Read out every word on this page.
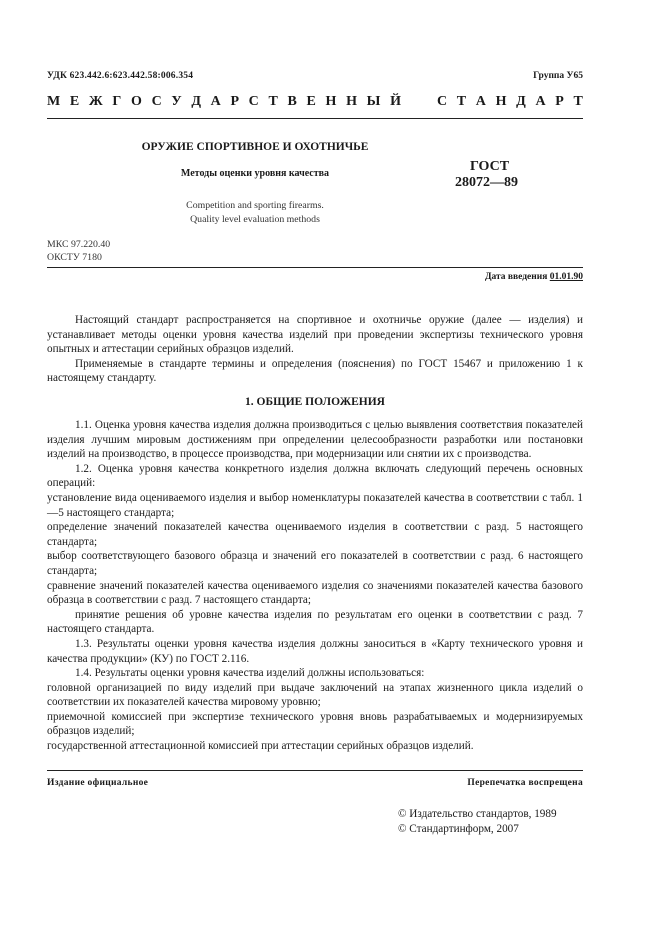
УДК 623.442.6:623.442.58:006.354	Группа У65
М Е Ж Г О С У Д А Р С Т В Е Н Н Ы Й

	С Т А Н Д А Р Т
ОРУЖИЕ СПОРТИВНОЕ И ОХОТНИЧЬЕ
Методы оценки уровня качества
Competition and sporting firearms.
Quality level evaluation methods
ГОСТ
28072—89
МКС 97.220.40
ОКСТУ 7180
Дата введения 01.01.90

Настоящий стандарт распространяется на спортивное и охотничье оружие (далее — изделия) и устанавливает методы оценки уровня качества изделий при проведении экспертизы технического уровня опытных и аттестации серийных образцов изделий.

Применяемые в стандарте термины и определения (пояснения) по ГОСТ 15467 и приложению 1 к настоящему стандарту.

1. ОБЩИЕ ПОЛОЖЕНИЯ

1.1. Оценка уровня качества изделия должна производиться с целью выявления соответствия показателей изделия лучшим мировым достижениям при определении целесообразности разработки или постановки изделий на производство, в процессе производства, при модернизации или снятии их с производства.

1.2. Оценка уровня качества конкретного изделия должна включать следующий перечень основных операций:

установление вида оцениваемого изделия и выбор номенклатуры показателей качества в соответствии с табл. 1—5 настоящего стандарта;

определение значений показателей качества оцениваемого изделия в соответствии с разд. 5 настоящего стандарта;

выбор соответствующего базового образца и значений его показателей в соответствии с разд. 6 настоящего стандарта;

сравнение значений показателей качества оцениваемого изделия со значениями показателей качества базового образца в соответствии с разд. 7 настоящего стандарта;

принятие решения об уровне качества изделия по результатам его оценки в соответствии с разд. 7 настоящего стандарта.

1.3. Результаты оценки уровня качества изделия должны заноситься в «Карту технического уровня и качества продукции» (КУ) по ГОСТ 2.116.

1.4. Результаты оценки уровня качества изделий должны использоваться:

головной организацией по виду изделий при выдаче заключений на этапах жизненного цикла изделий о соответствии их показателей качества мировому уровню;

приемочной комиссией при экспертизе технического уровня вновь разрабатываемых и модернизируемых образцов изделий;

государственной аттестационной комиссией при аттестации серийных образцов изделий.

Издание официальное	Перепечатка воспрещена
© Издательство стандартов, 1989
© Стандартинформ, 2007
